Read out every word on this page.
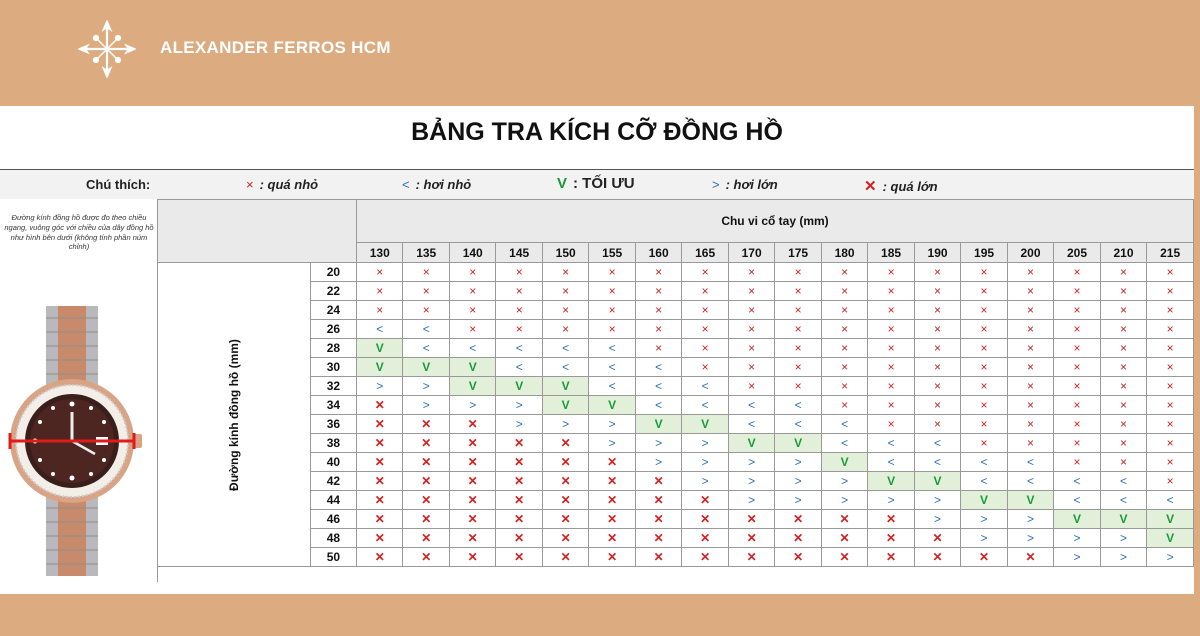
ALEXANDER FERROS HCM
BẢNG TRA KÍCH CỠ ĐỒNG HỒ
Chú thích:	× : quá nhỏ	< : hơi nhỏ	V : TỐI ƯU	> : hơi lớn	✕ : quá lớn
Đường kính đồng hồ được đo theo chiều ngang, vuông góc với chiều của dây đồng hồ như hình bên dưới (không tính phần núm chỉnh)
		Chu vi cổ tay (mm)																	
		130	135	140	145	150	155	160	165	170	175	180	185	190	195	200	205	210	215
Đường kính đồng hồ (mm)	20	×	×	×	×	×	×	×	×	×	×	×	×	×	×	×	×	×	×
	22	×	×	×	×	×	×	×	×	×	×	×	×	×	×	×	×	×	×
	24	×	×	×	×	×	×	×	×	×	×	×	×	×	×	×	×	×	×
	26	<	<	×	×	×	×	×	×	×	×	×	×	×	×	×	×	×	×
	28	V	<	<	<	<	<	×	×	×	×	×	×	×	×	×	×	×	×
	30	V	V	V	<	<	<	<	×	×	×	×	×	×	×	×	×	×	×
	32	>	>	V	V	V	<	<	<	×	×	×	×	×	×	×	×	×	×
	34	✕	>	>	>	V	V	<	<	<	<	×	×	×	×	×	×	×	×
	36	✕	✕	✕	>	>	>	V	V	<	<	<	×	×	×	×	×	×	×
	38	✕	✕	✕	✕	✕	>	>	>	V	V	<	<	<	×	×	×	×	×
	40	✕	✕	✕	✕	✕	✕	>	>	>	>	V	<	<	<	<	×	×	×
	42	✕	✕	✕	✕	✕	✕	✕	>	>	>	>	V	V	<	<	<	<	×
	44	✕	✕	✕	✕	✕	✕	✕	✕	>	>	>	>	>	V	V	<	<	<
	46	✕	✕	✕	✕	✕	✕	✕	✕	✕	✕	✕	✕	>	>	>	V	V	V
	48	✕	✕	✕	✕	✕	✕	✕	✕	✕	✕	✕	✕	✕	>	>	>	>	V
	50	✕	✕	✕	✕	✕	✕	✕	✕	✕	✕	✕	✕	✕	✕	✕	>	>	>
